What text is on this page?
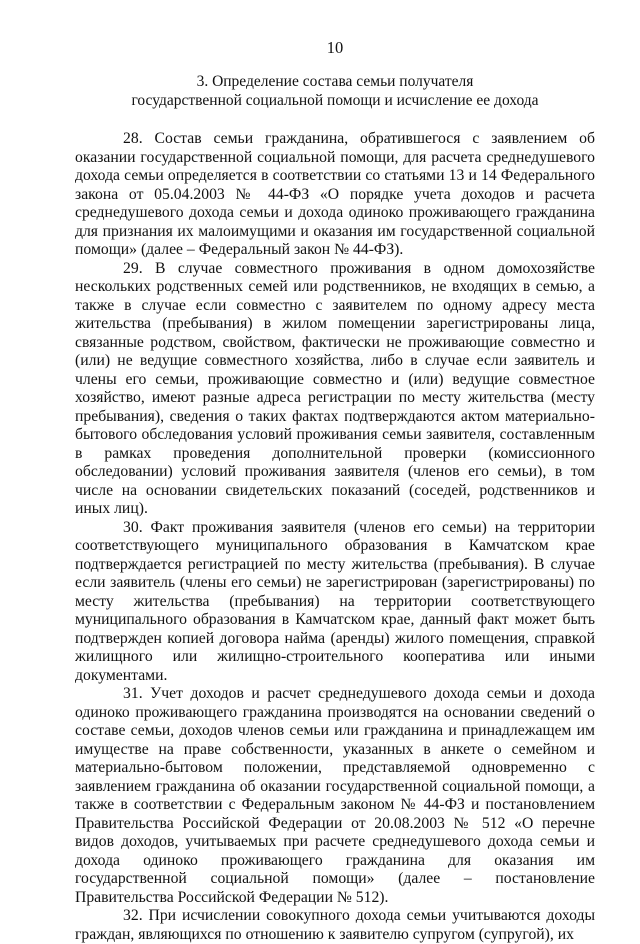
10
3. Определение состава семьи получателя
государственной социальной помощи и исчисление ее дохода

28. Состав семьи гражданина, обратившегося с заявлением об оказании государственной социальной помощи, для расчета среднедушевого дохода семьи определяется в соответствии со статьями 13 и 14 Федерального закона от 05.04.2003 № 44-ФЗ «О порядке учета доходов и расчета среднедушевого дохода семьи и дохода одиноко проживающего гражданина для признания их малоимущими и оказания им государственной социальной помощи» (далее – Федеральный закон № 44-ФЗ).

29. В случае совместного проживания в одном домохозяйстве нескольких родственных семей или родственников, не входящих в семью, а также в случае если совместно с заявителем по одному адресу места жительства (пребывания) в жилом помещении зарегистрированы лица, связанные родством, свойством, фактически не проживающие совместно и (или) не ведущие совместного хозяйства, либо в случае если заявитель и члены его семьи, проживающие совместно и (или) ведущие совместное хозяйство, имеют разные адреса регистрации по месту жительства (месту пребывания), сведения о таких фактах подтверждаются актом материально-бытового обследования условий проживания семьи заявителя, составленным в рамках проведения дополнительной проверки (комиссионного обследовании) условий проживания заявителя (членов его семьи), в том числе на основании свидетельских показаний (соседей, родственников и иных лиц).

30. Факт проживания заявителя (членов его семьи) на территории соответствующего муниципального образования в Камчатском крае подтверждается регистрацией по месту жительства (пребывания). В случае если заявитель (члены его семьи) не зарегистрирован (зарегистрированы) по месту жительства (пребывания) на территории соответствующего муниципального образования в Камчатском крае, данный факт может быть подтвержден копией договора найма (аренды) жилого помещения, справкой жилищного или жилищно-строительного кооператива или иными документами.

31. Учет доходов и расчет среднедушевого дохода семьи и дохода одиноко проживающего гражданина производятся на основании сведений о составе семьи, доходов членов семьи или гражданина и принадлежащем им имуществе на праве собственности, указанных в анкете о семейном и материально-бытовом положении, представляемой одновременно с заявлением гражданина об оказании государственной социальной помощи, а также в соответствии с Федеральным законом № 44-ФЗ и постановлением Правительства Российской Федерации от 20.08.2003 № 512 «О перечне видов доходов, учитываемых при расчете среднедушевого дохода семьи и дохода одиноко проживающего гражданина для оказания им государственной социальной помощи» (далее – постановление Правительства Российской Федерации № 512).

32. При исчислении совокупного дохода семьи учитываются доходы граждан, являющихся по отношению к заявителю супругом (супругой), их
